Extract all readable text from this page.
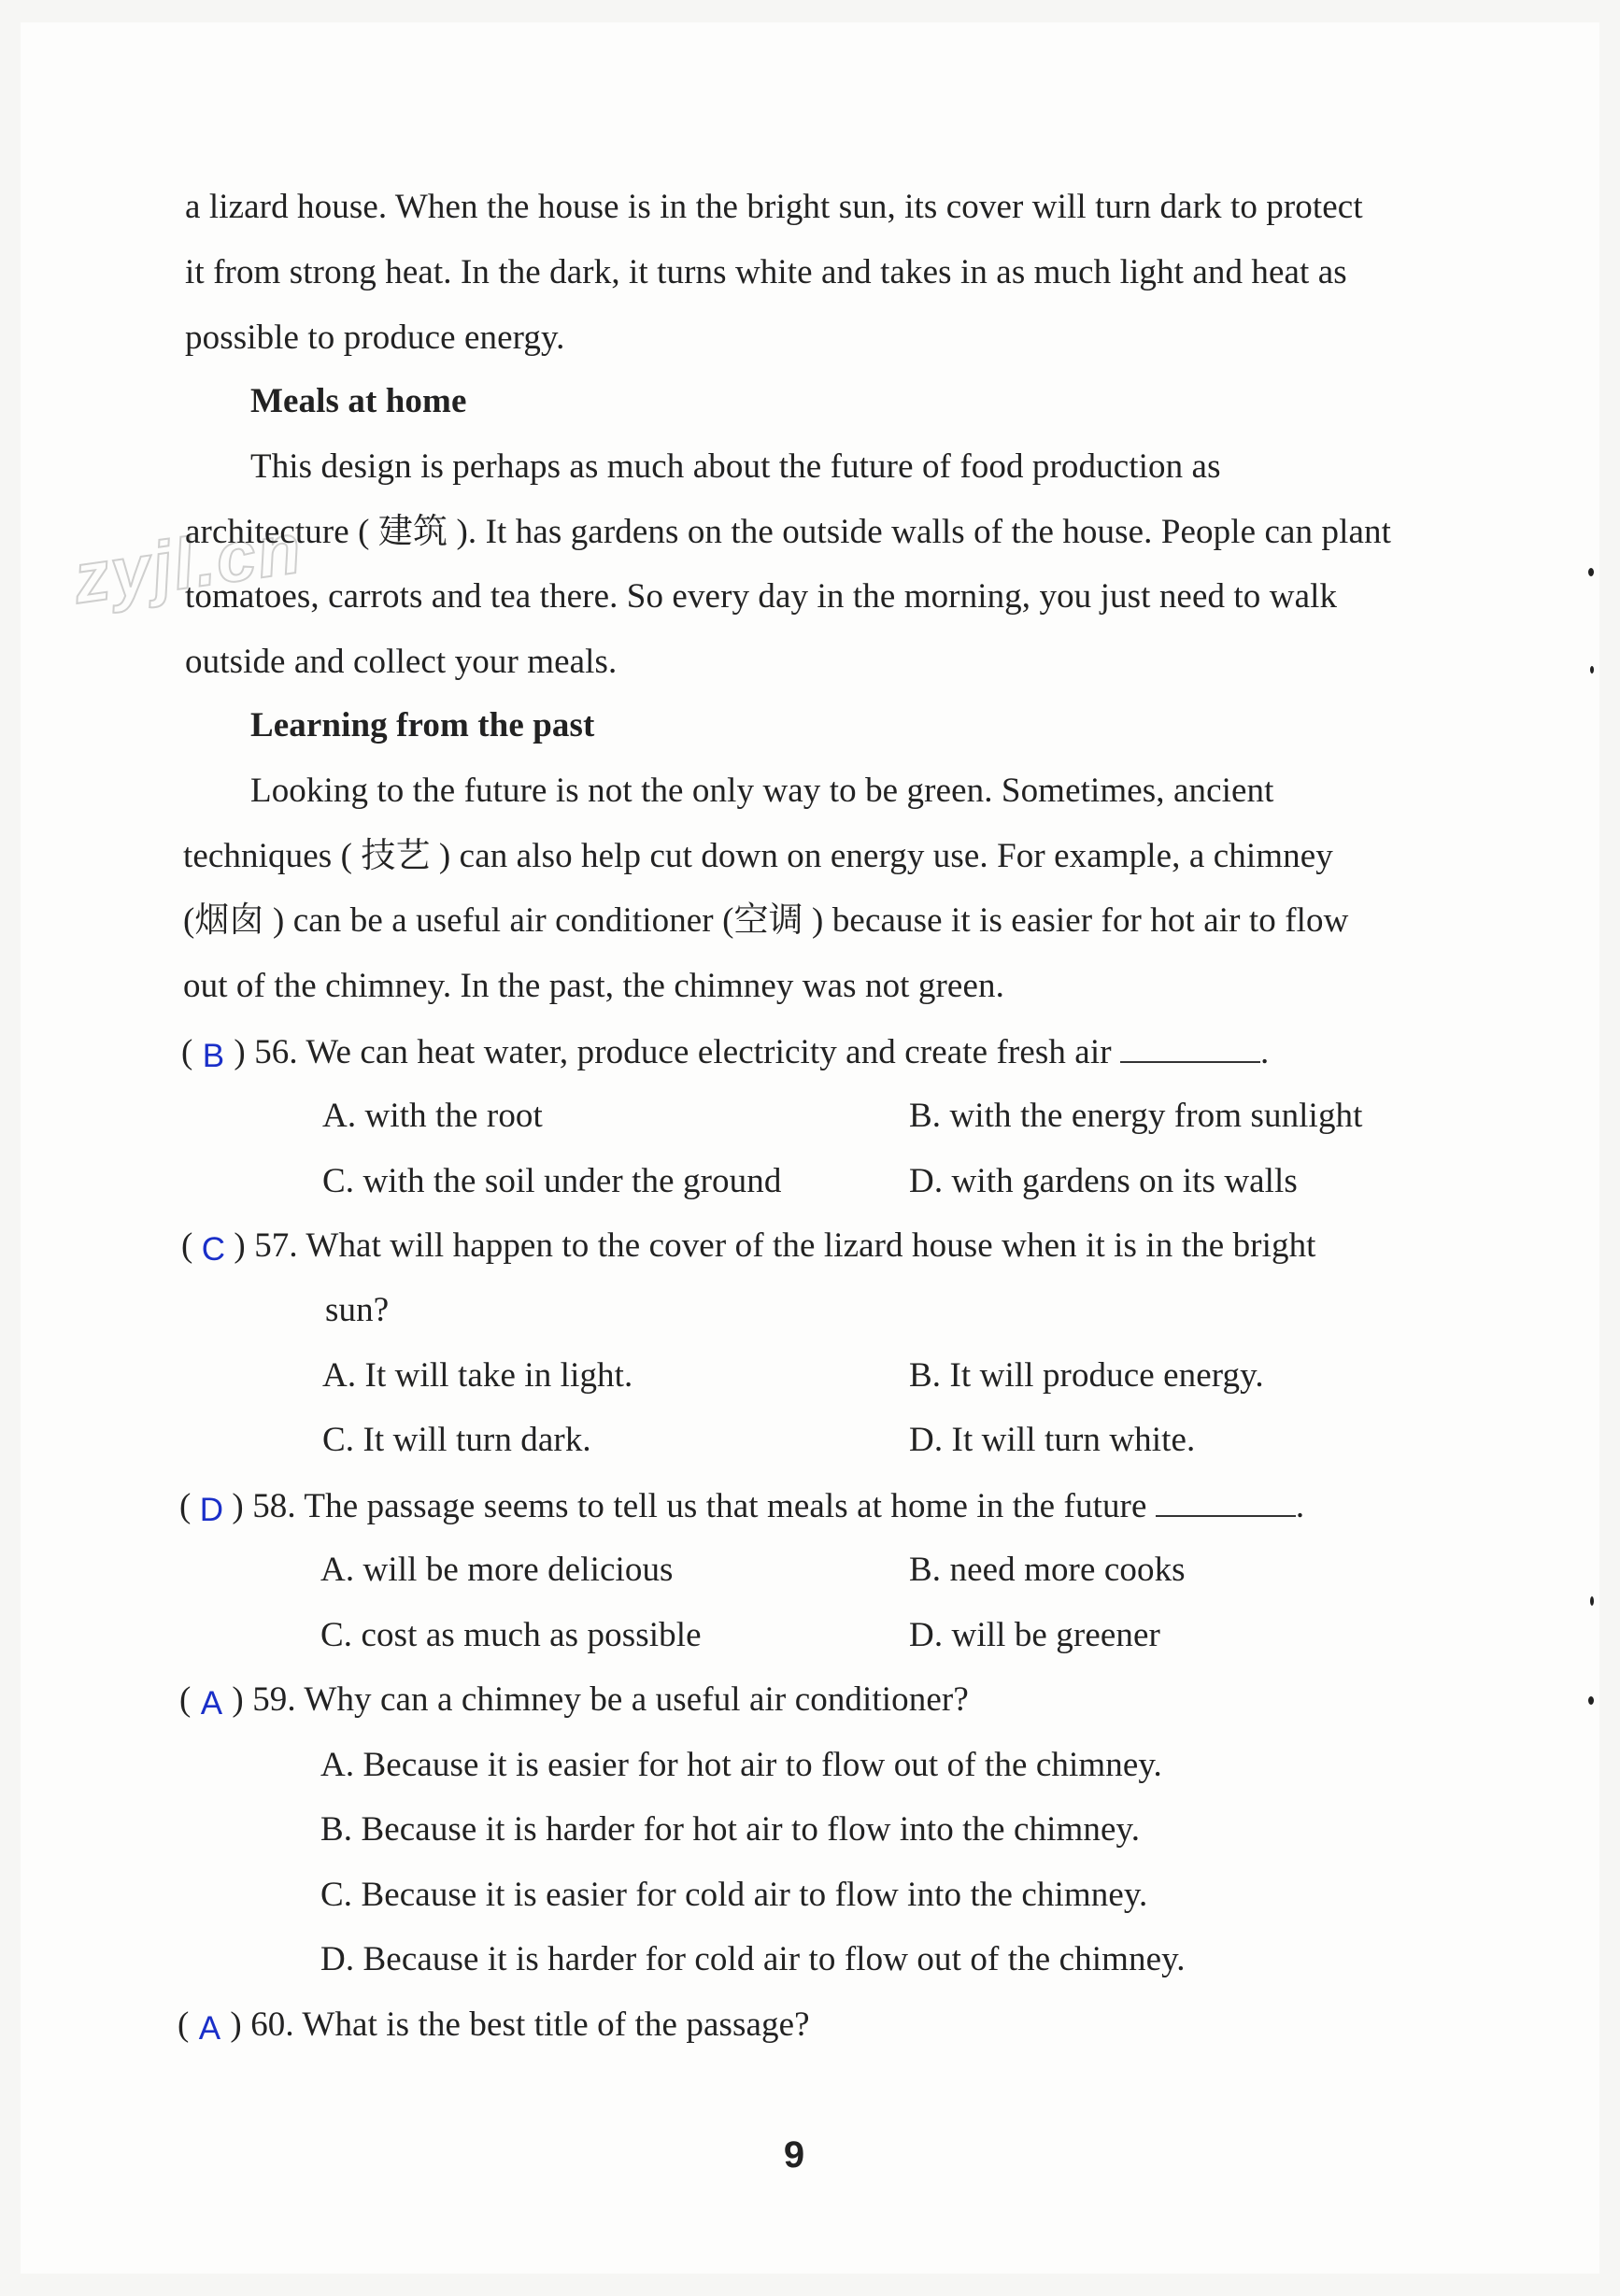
zyjl.cn
a lizard house. When the house is in the bright sun, its cover will turn dark to protect
it from strong heat. In the dark, it turns white and takes in as much light and heat as
possible to produce energy.
Meals at home
This design is perhaps as much about the future of food production as
architecture ( 建筑 ). It has gardens on the outside walls of the house. People can plant
tomatoes, carrots and tea there. So every day in the morning, you just need to walk
outside and collect your meals.
Learning from the past
Looking to the future is not the only way to be green. Sometimes, ancient
techniques ( 技艺 ) can also help cut down on energy use. For example, a chimney
(烟囱 ) can be a useful air conditioner (空调 ) because it is easier for hot air to flow
out of the chimney. In the past, the chimney was not green.
( B ) 56. We can heat water, produce electricity and create fresh air	.
A. with the root	B. with the energy from sunlight
C. with the soil under the ground	D. with gardens on its walls
( C ) 57. What will happen to the cover of the lizard house when it is in the bright
sun?
A. It will take in light.	B. It will produce energy.
C. It will turn dark.	D. It will turn white.
( D ) 58. The passage seems to tell us that meals at home in the future	.
A. will be more delicious	B. need more cooks
C. cost as much as possible	D. will be greener
( A ) 59. Why can a chimney be a useful air conditioner?
A. Because it is easier for hot air to flow out of the chimney.
B. Because it is harder for hot air to flow into the chimney.
C. Because it is easier for cold air to flow into the chimney.
D. Because it is harder for cold air to flow out of the chimney.
( A ) 60. What is the best title of the passage?
9
